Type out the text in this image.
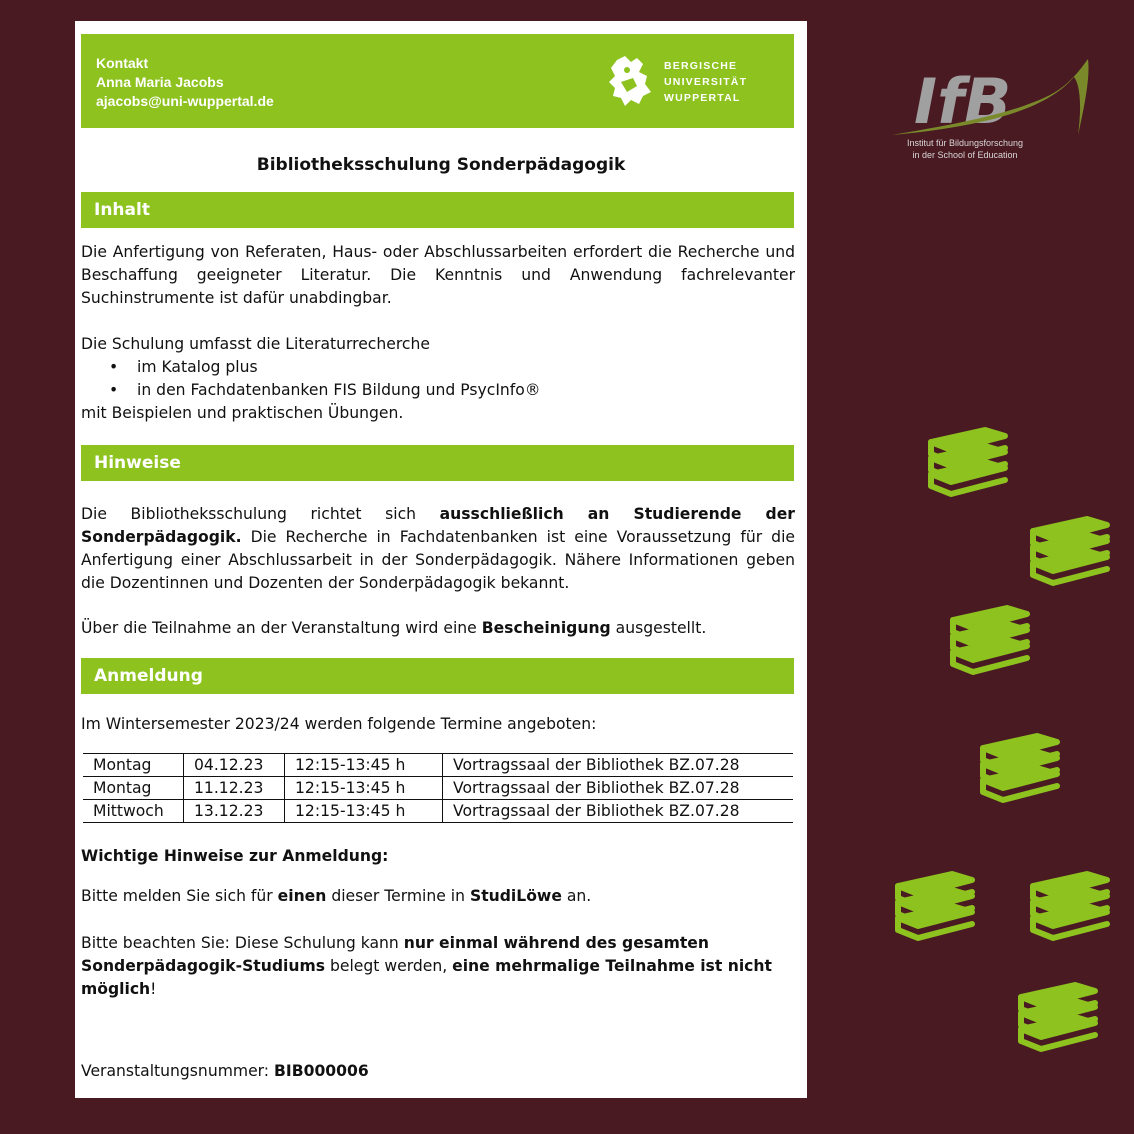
Kontakt
Anna Maria Jacobs
ajacobs@uni-wuppertal.de
BERGISCHE
UNIVERSITÄT
WUPPERTAL
Bibliotheksschulung Sonderpädagogik
Inhalt
Die Anfertigung von Referaten, Haus- oder Abschlussarbeiten erfordert die Recherche und Beschaffung geeigneter Literatur. Die Kenntnis und Anwendung fachrelevanter Suchinstrumente ist dafür unabdingbar.
Die Schulung umfasst die Literaturrecherche
• im Katalog plus
• in den Fachdatenbanken FIS Bildung und PsycInfo®
mit Beispielen und praktischen Übungen.
Hinweise
Die Bibliotheksschulung richtet sich ausschließlich an Studierende der Sonderpädagogik. Die Recherche in Fachdatenbanken ist eine Voraussetzung für die Anfertigung einer Abschlussarbeit in der Sonderpädagogik. Nähere Informationen geben die Dozentinnen und Dozenten der Sonderpädagogik bekannt.
Über die Teilnahme an der Veranstaltung wird eine Bescheinigung ausgestellt.
Anmeldung
Im Wintersemester 2023/24 werden folgende Termine angeboten:
Montag	04.12.23	12:15-13:45 h	Vortragssaal der Bibliothek BZ.07.28
Montag	11.12.23	12:15-13:45 h	Vortragssaal der Bibliothek BZ.07.28
Mittwoch	13.12.23	12:15-13:45 h	Vortragssaal der Bibliothek BZ.07.28
Wichtige Hinweise zur Anmeldung:
Bitte melden Sie sich für einen dieser Termine in StudiLöwe an.
Bitte beachten Sie: Diese Schulung kann nur einmal während des gesamten Sonderpädagogik-Studiums belegt werden, eine mehrmalige Teilnahme ist nicht möglich!
Veranstaltungsnummer: BIB000006
IfB
Institut für Bildungsforschung
in der School of Education
